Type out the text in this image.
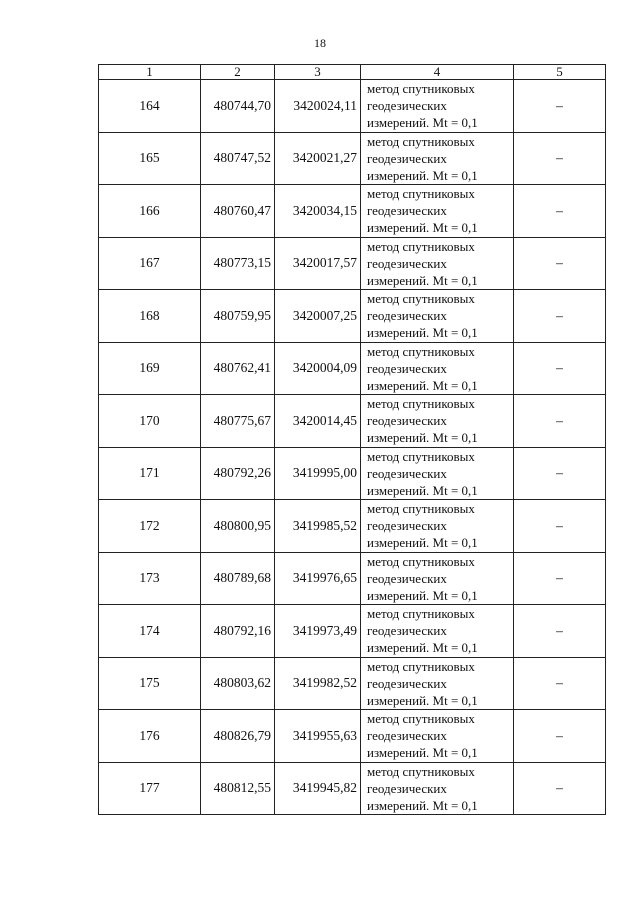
18
1	2	3	4	5
164	480744,70	3420024,11	метод спутниковых
геодезических
измерений. Mt = 0,1	–
165	480747,52	3420021,27	метод спутниковых
геодезических
измерений. Mt = 0,1	–
166	480760,47	3420034,15	метод спутниковых
геодезических
измерений. Mt = 0,1	–
167	480773,15	3420017,57	метод спутниковых
геодезических
измерений. Mt = 0,1	–
168	480759,95	3420007,25	метод спутниковых
геодезических
измерений. Mt = 0,1	–
169	480762,41	3420004,09	метод спутниковых
геодезических
измерений. Mt = 0,1	–
170	480775,67	3420014,45	метод спутниковых
геодезических
измерений. Mt = 0,1	–
171	480792,26	3419995,00	метод спутниковых
геодезических
измерений. Mt = 0,1	–
172	480800,95	3419985,52	метод спутниковых
геодезических
измерений. Mt = 0,1	–
173	480789,68	3419976,65	метод спутниковых
геодезических
измерений. Mt = 0,1	–
174	480792,16	3419973,49	метод спутниковых
геодезических
измерений. Mt = 0,1	–
175	480803,62	3419982,52	метод спутниковых
геодезических
измерений. Mt = 0,1	–
176	480826,79	3419955,63	метод спутниковых
геодезических
измерений. Mt = 0,1	–
177	480812,55	3419945,82	метод спутниковых
геодезических
измерений. Mt = 0,1	–
